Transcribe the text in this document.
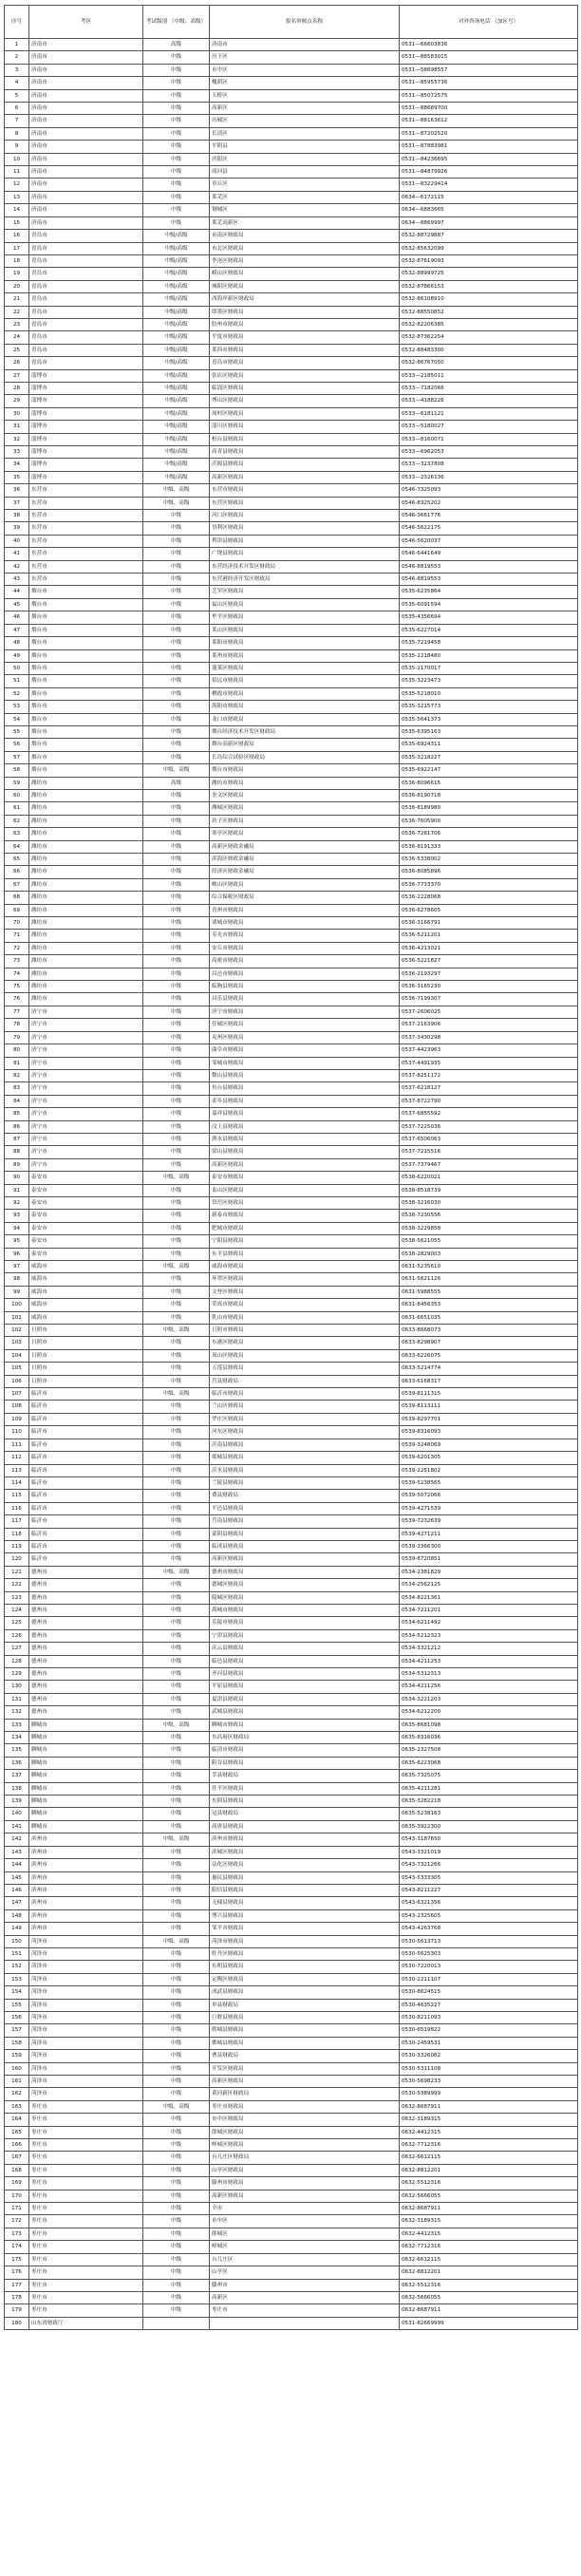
序号	考区	考试级别 （中级、高级）	报名审核点名称	对外咨询电话 （加区号）
1	济南市	高级	济南市	0531—66603836
2	济南市	中级	历下区	0531—88583015
3	济南市	中级	市中区	0531—58698557
4	济南市	中级	槐荫区	0531—85955736
5	济南市	中级	天桥区	0531—85072575
6	济南市	中级	高新区	0531—88689700
7	济南市	中级	历城区	0531—88163612
8	济南市	中级	长清区	0531—87202520
9	济南市	中级	平阴县	0531—87883981
10	济南市	中级	济阳区	0531—84236695
11	济南市	中级	商河县	0531—84879926
12	济南市	中级	章丘区	0531—83229414
13	济南市	中级	莱芜区	0634—6172115
14	济南市	中级	钢城区	0634—6883665
15	济南市	中级	莱芜高新区	0634—8869997
16	青岛市	中级/高级	市南区财政局	0532-88729887
17	青岛市	中级/高级	市北区财政局	0532-85632099
18	青岛市	中级/高级	李沧区财政局	0532-87619093
19	青岛市	中级/高级	崂山区财政局	0532-88999725
20	青岛市	中级/高级	城阳区财政局	0532-87866153
21	青岛市	中级/高级	西海岸新区财政局	0532-86108910
22	青岛市	中级/高级	即墨区财政局	0532-88550852
23	青岛市	中级/高级	胶州市财政局	0532-82206385
24	青岛市	中级/高级	平度市财政局	0532-87362254
25	青岛市	中级/高级	莱西市财政局	0532-88483300
26	青岛市	中级/高级	青岛市财政局	0532-86767050
27	淄博市	中级/高级	张店区财政局	0533—2185011
28	淄博市	中级/高级	临淄区财政局	0533—7182066
29	淄博市	中级/高级	博山区财政局	0533—4188226
30	淄博市	中级/高级	周村区财政局	0533—6181121
31	淄博市	中级/高级	淄川区财政局	0533—5180027
32	淄博市	中级/高级	桓台县财政局	0533—8160071
33	淄博市	中级/高级	高青县财政局	0533—6962053
34	淄博市	中级/高级	沂源县财政局	0533—3237808
35	淄博市	中级/高级	高新区财政局	0533—2326136
36	东营市	中级、高级	东营市财政局	0546-7325093
37	东营市	中级、高级	东营区财政局	0546-8325202
38	东营市	中级	河口区财政局	0546-3661776
39	东营市	中级	垦利区财政局	0546-5622175
40	东营市	中级	利津县财政局	0546-5620037
41	东营市	中级	广饶县财政局	0546-6441649
42	东营市	中级	东营经济技术开发区财政局	0546-8819553
43	东营市	中级	东营港经济开发区财政局	0546-8819553
44	烟台市	中级	芝罘区财政局	0535-6235864
45	烟台市	中级	福山区财政局	0535-6091594
46	烟台市	中级	牟平区财政局	0535-4356694
47	烟台市	中级	莱山区财政局	0535-6227014
48	烟台市	中级	莱阳市财政局	0535-7219458
49	烟台市	中级	莱州市财政局	0535-2218480
50	烟台市	中级	蓬莱区财政局	0535-2170017
51	烟台市	中级	招远市财政局	0535-3223473
52	烟台市	中级	栖霞市财政局	0535-5218010
53	烟台市	中级	海阳市财政局	0535-3215773
54	烟台市	中级	龙口市财政局	0535-5641373
55	烟台市	中级	烟台经济技术开发区财政局	0535-6395163
56	烟台市	中级	烟台高新区财政局	0535-6924311
57	烟台市	中级	长岛综合试验区财政局	0535-3218227
58	烟台市	中级、高级	烟台市财政局	0535-6922147
59	潍坊市	高级	潍坊市财政局	0536-8096615
60	潍坊市	中级	奎文区财政局	0536-8190718
61	潍坊市	中级	潍城区财政局	0536-8189980
62	潍坊市	中级	坊子区财政局	0536-7605900
63	潍坊市	中级	寒亭区财政局	0536-7281706
64	潍坊市	中级	高新区财政金融局	0536-8191333
65	潍坊市	中级	滨海区财政金融局	0536-5338002
66	潍坊市	中级	经济区财政金融局	0536-8085896
67	潍坊市	中级	峡山区财政局	0536-7733370
68	潍坊市	中级	综合保税区财政局	0536-2228068
69	潍坊市	中级	青州市财政局	0536-6278605
70	潍坊市	中级	诸城市财政局	0536-3166791
71	潍坊市	中级	寿光市财政局	0536-5211201
72	潍坊市	中级	安丘市财政局	0536-4213021
73	潍坊市	中级	高密市财政局	0536-5221827
74	潍坊市	中级	昌邑市财政局	0536-2193297
75	潍坊市	中级	临朐县财政局	0536-3165230
76	潍坊市	中级	昌乐县财政局	0536-7199307
77	济宁市	中级	济宁市财政局	0537-2606025
78	济宁市	中级	任城区财政局	0537-2163906
79	济宁市	中级	兖州区财政局	0537-3430298
80	济宁市	中级	曲阜市财政局	0537-4423963
81	济宁市	中级	邹城市财政局	0537-4491935
82	济宁市	中级	微山县财政局	0537-8251172
83	济宁市	中级	鱼台县财政局	0537-6218127
84	济宁市	中级	金乡县财政局	0537-8722790
85	济宁市	中级	嘉祥县财政局	0537-6855592
86	济宁市	中级	汶上县财政局	0537-7225036
87	济宁市	中级	泗水县财政局	0537-6506063
88	济宁市	中级	梁山县财政局	0537-7215516
89	济宁市	中级	高新区财政局	0537-7379467
90	泰安市	中级、高级	泰安市财政局	0538-6220021
91	泰安市	中级	泰山区财政局	0538-8518739
92	泰安市	中级	岱岳区财政局	0538-3216030
93	泰安市	中级	新泰市财政局	0538-7230556
94	泰安市	中级	肥城市财政局	0538-3229858
95	泰安市	中级	宁阳县财政局	0538-5621055
96	泰安市	中级	东平县财政局	0538-2829003
97	威海市	中级、高级	威海市财政局	0631-5235610
98	威海市	中级	环翠区财政局	0631-5621126
99	威海市	中级	文登区财政局	0631-5988555
100	威海市	中级	荣成市财政局	0631-8456353
101	威海市	中级	乳山市财政局	0631-6651035
102	日照市	中级、高级	日照市财政局	0633-8668073
103	日照市	中级	东港区财政局	0633-8298907
104	日照市	中级	岚山区财政局	0633-6226075
105	日照市	中级	五莲县财政局	0633-5214774
106	日照市	中级	莒县财政局	0633-6168317
107	临沂市	中级、高级	临沂市财政局	0539-8111315
108	临沂市	中级	兰山区财政局	0539-8113111
109	临沂市	中级	罗庄区财政局	0539-8297701
110	临沂市	中级	河东区财政局	0539-8316093
111	临沂市	中级	沂南县财政局	0539-3248069
112	临沂市	中级	郯城县财政局	0539-6201305
113	临沂市	中级	沂水县财政局	0539-2251802
114	临沂市	中级	兰陵县财政局	0539-5238565
115	临沂市	中级	费县财政局	0539-5072066
116	临沂市	中级	平邑县财政局	0539-4271539
117	临沂市	中级	莒南县财政局	0539-7232639
118	临沂市	中级	蒙阴县财政局	0539-4271211
119	临沂市	中级	临沭县财政局	0539-3366300
120	临沂市	中级	高新区财政局	0539-8720851
121	德州市	中级、高级	德州市财政局	0534-2381829
122	德州市	中级	德城区财政局	0534-2562125
123	德州市	中级	陵城区财政局	0534-8221361
124	德州市	中级	禹城市财政局	0534-7211201
125	德州市	中级	乐陵市财政局	0534-6211492
126	德州市	中级	宁津县财政局	0534-5212323
127	德州市	中级	庆云县财政局	0534-3321212
128	德州市	中级	临邑县财政局	0534-4211253
129	德州市	中级	齐河县财政局	0534-5312313
130	德州市	中级	平原县财政局	0534-4211256
131	德州市	中级	夏津县财政局	0534-3221203
132	德州市	中级	武城县财政局	0534-6212200
133	聊城市	中级、高级	聊城市财政局	0635-8681098
134	聊城市	中级	东昌府区财政局	0635-8316036
135	聊城市	中级	临清市财政局	0635-2327508
136	聊城市	中级	阳谷县财政局	0635-6223068
137	聊城市	中级	莘县财政局	0635-7325075
138	聊城市	中级	茌平区财政局	0635-4211281
139	聊城市	中级	东阿县财政局	0635-3282218
140	聊城市	中级	冠县财政局	0635-5238163
141	聊城市	中级	高唐县财政局	0635-3922300
142	滨州市	中级、高级	滨州市财政局	0543-3187650
143	滨州市	中级	滨城区财政局	0543-3321019
144	滨州市	中级	沾化区财政局	0543-7321266
145	滨州市	中级	惠民县财政局	0543-5333305
146	滨州市	中级	阳信县财政局	0543-8211227
147	滨州市	中级	无棣县财政局	0543-6321356
148	滨州市	中级	博兴县财政局	0543-2325605
149	滨州市	中级	邹平市财政局	0543-4263768
150	菏泽市	中级、高级	菏泽市财政局	0530-5613713
151	菏泽市	中级	牡丹区财政局	0530-5625303
152	菏泽市	中级	东明县财政局	0530-7220013
153	菏泽市	中级	定陶区财政局	0530-2211107
154	菏泽市	中级	成武县财政局	0530-8624515
155	菏泽市	中级	单县财政局	0530-4635227
156	菏泽市	中级	巨野县财政局	0530-8211093
157	菏泽市	中级	郓城县财政局	0530-6519822
158	菏泽市	中级	鄄城县财政局	0530-2459531
159	菏泽市	中级	曹县财政局	0530-3326062
160	菏泽市	中级	开发区财政局	0530-5311108
161	菏泽市	中级	高新区财政局	0530-5698233
162	菏泽市	中级	黄河新区财政局	0530-5389999
163	枣庄市	中级、高级	枣庄市财政局	0632-8687911
164	枣庄市	中级	市中区财政局	0632-3189315
165	枣庄市	中级	薛城区财政局	0632-4412315
166	枣庄市	中级	峄城区财政局	0632-7712316
167	枣庄市	中级	台儿庄区财政局	0632-6612115
168	枣庄市	中级	山亭区财政局	0632-8812201
169	枣庄市	中级	滕州市财政局	0632-5512316
170	枣庄市	中级	高新区财政局	0632-5666055
171	枣庄市	中级	全市	0632-8687911
172	枣庄市	中级	市中区	0632-3189315
173	枣庄市	中级	薛城区	0632-4412315
174	枣庄市	中级	峄城区	0632-7712316
175	枣庄市	中级	台儿庄区	0632-6612115
176	枣庄市	中级	山亭区	0632-8812201
177	枣庄市	中级	滕州市	0632-5512316
178	枣庄市	中级	高新区	0632-5666055
179	枣庄市	中级	枣庄市	0632-8687911
180	山东省财政厅			0531-82669999
